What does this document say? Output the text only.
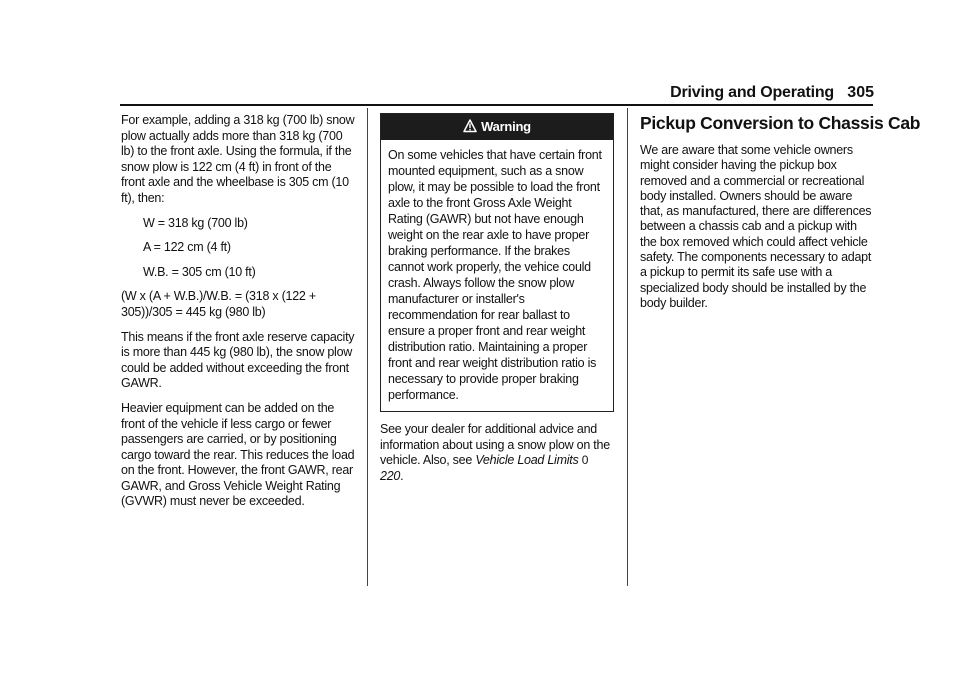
Driving and Operating 305

For example, adding a 318 kg (700 lb) snow plow actually adds more than 318 kg (700 lb) to the front axle. Using the formula, if the snow plow is 122 cm (4 ft) in front of the front axle and the wheelbase is 305 cm (10 ft), then:

W = 318 kg (700 lb)

A = 122 cm (4 ft)

W.B. = 305 cm (10 ft)

(W x (A + W.B.)/W.B. = (318 x (122 + 305))/305 = 445 kg (980 lb)

This means if the front axle reserve capacity is more than 445 kg (980 lb), the snow plow could be added without exceeding the front GAWR.

Heavier equipment can be added on the front of the vehicle if less cargo or fewer passengers are carried, or by positioning cargo toward the rear. This reduces the load on the front. However, the front GAWR, rear GAWR, and Gross Vehicle Weight Rating (GVWR) must never be exceeded.

Warning
On some vehicles that have certain front mounted equipment, such as a snow plow, it may be possible to load the front axle to the front Gross Axle Weight Rating (GAWR) but not have enough weight on the rear axle to have proper braking performance. If the brakes cannot work properly, the vehice could crash. Always follow the snow plow manufacturer or installer's recommendation for rear ballast to ensure a proper front and rear weight distribution ratio. Maintaining a proper front and rear weight distribution ratio is necessary to provide proper braking performance.

See your dealer for additional advice and information about using a snow plow on the vehicle. Also, see Vehicle Load Limits 0 220.

Pickup Conversion to Chassis Cab

We are aware that some vehicle owners might consider having the pickup box removed and a commercial or recreational body installed. Owners should be aware that, as manufactured, there are differences between a chassis cab and a pickup with the box removed which could affect vehicle safety. The components necessary to adapt a pickup to permit its safe use with a specialized body should be installed by the body builder.
